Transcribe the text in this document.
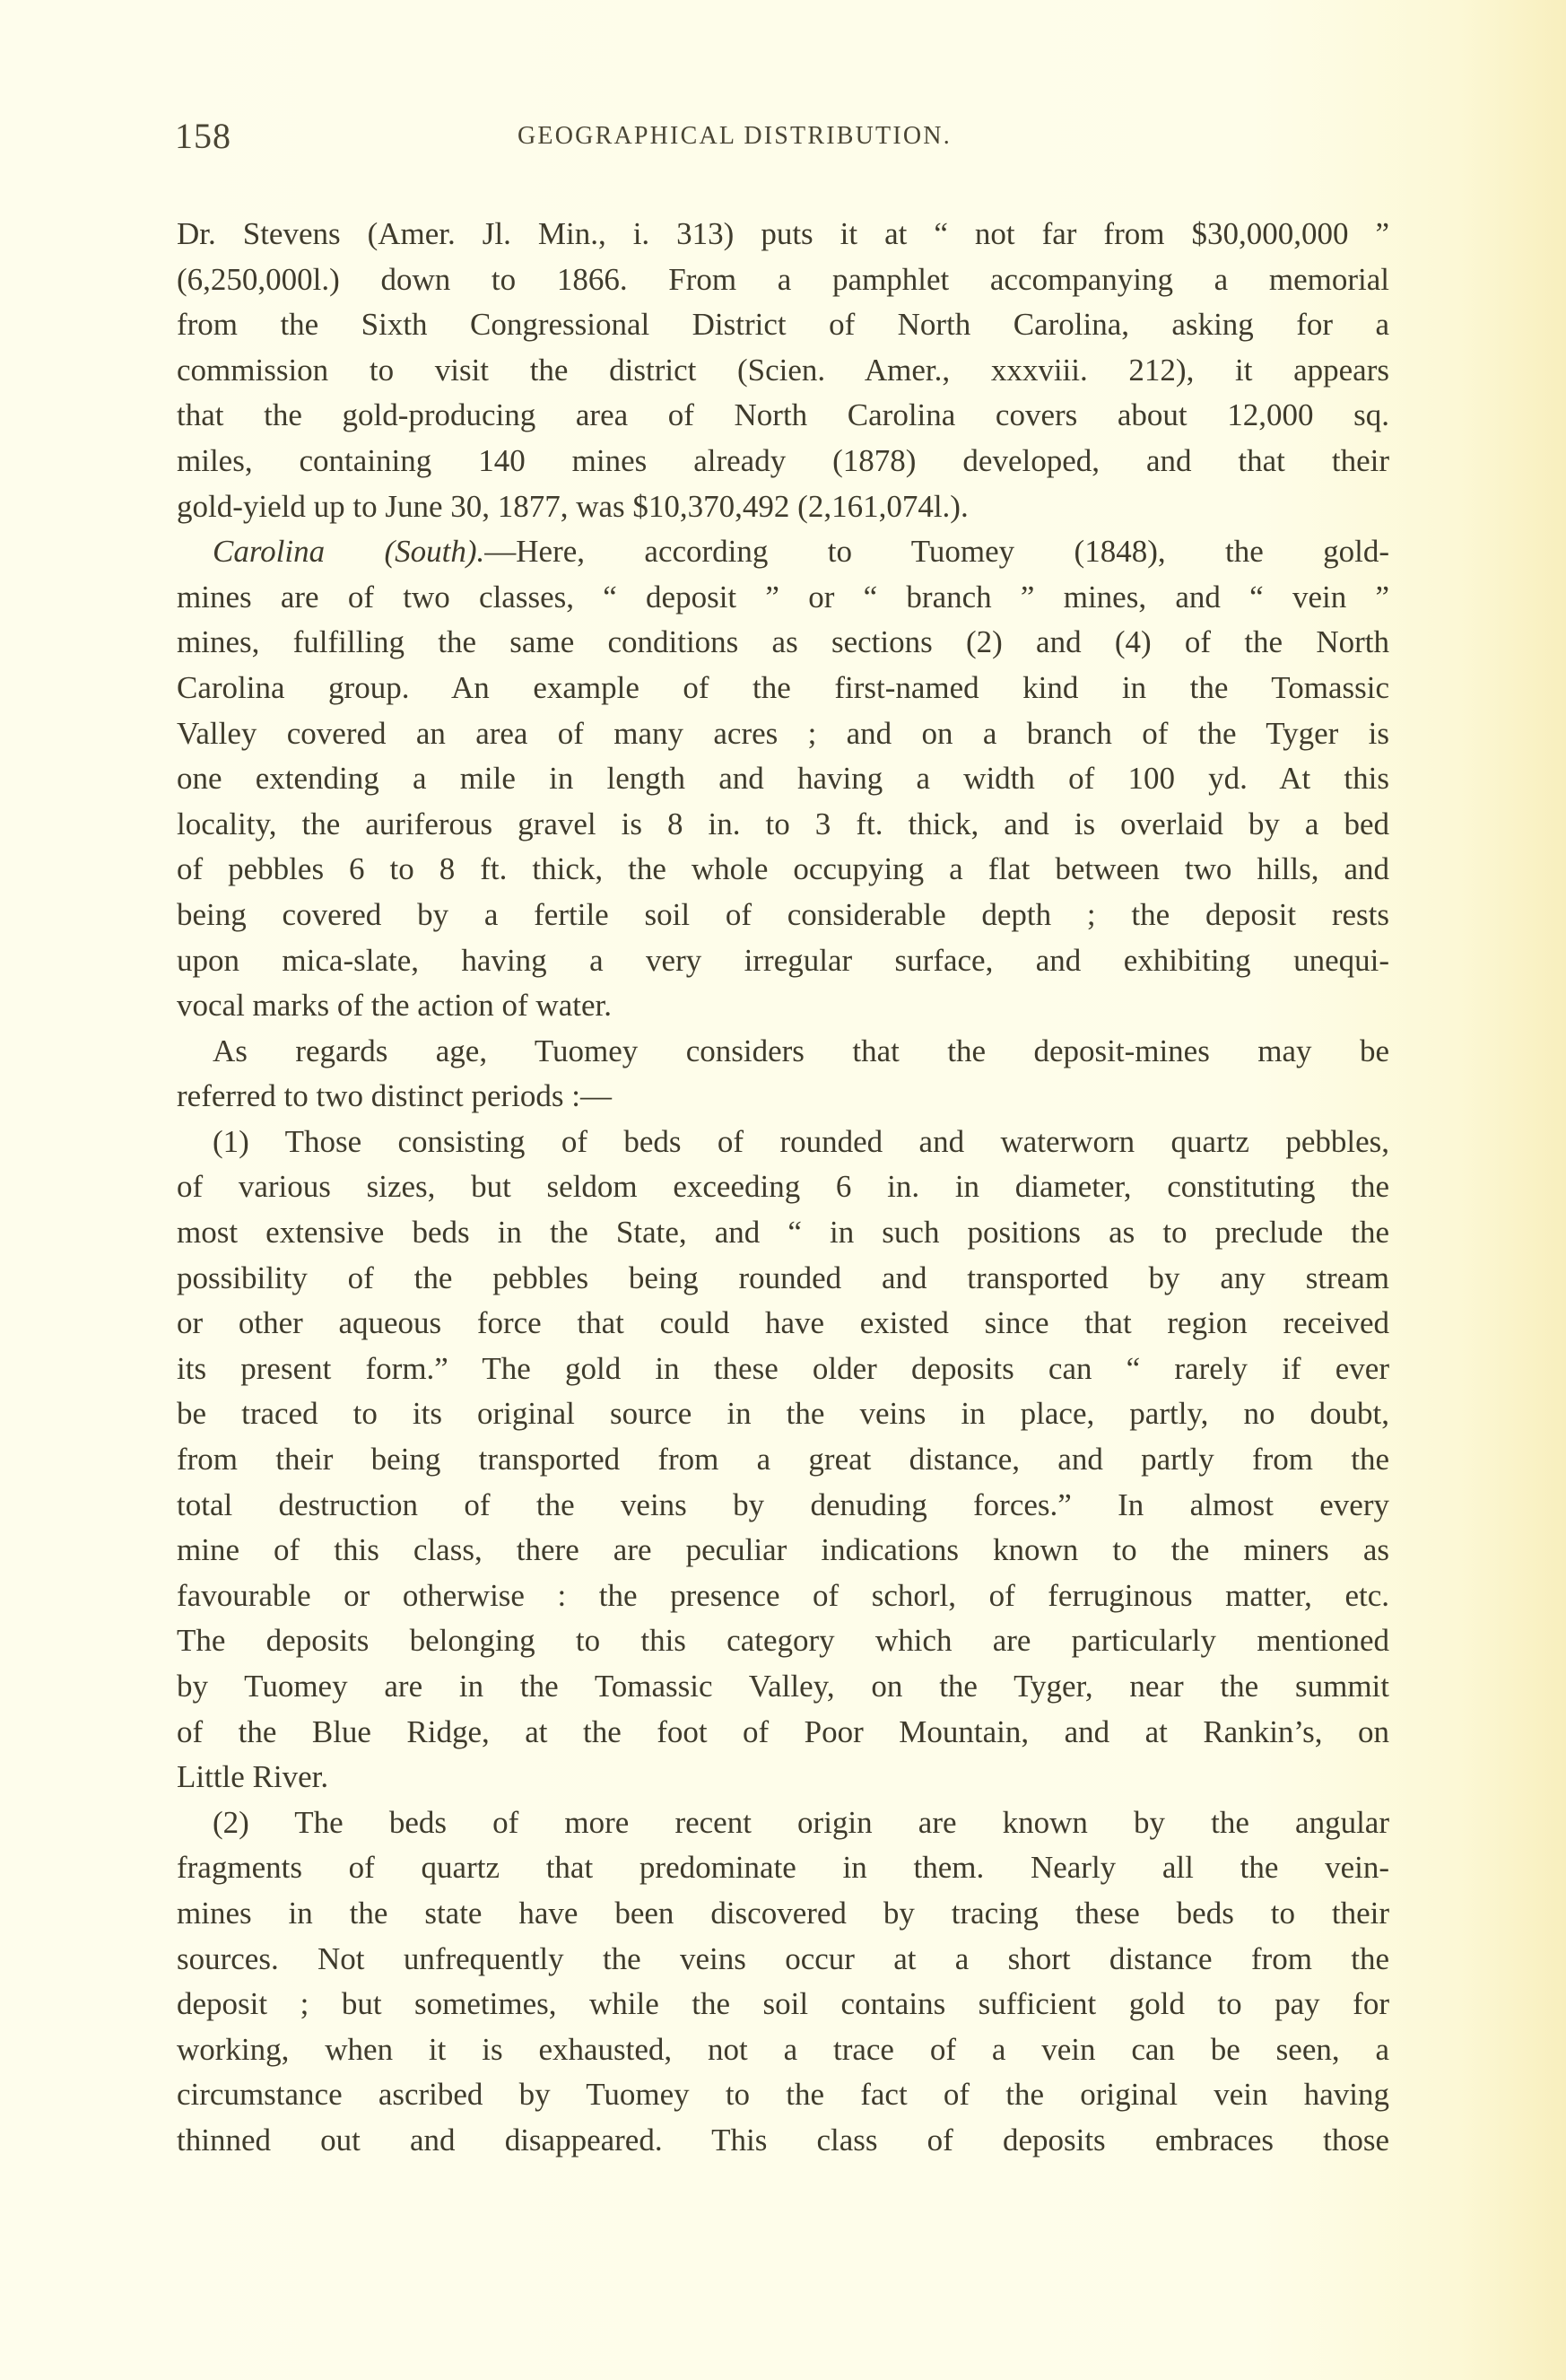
158	GEOGRAPHICAL DISTRIBUTION.
Dr. Stevens (Amer. Jl. Min., i. 313) puts it at “ not far from $30,000,000 ”
(6,250,000l.) down to 1866. From a pamphlet accompanying a memorial
from the Sixth Congressional District of North Carolina, asking for a
commission to visit the district (Scien. Amer., xxxviii. 212), it appears
that the gold-producing area of North Carolina covers about 12,000 sq.
miles, containing 140 mines already (1878) developed, and that their
gold-yield up to June 30, 1877, was $10,370,492 (2,161,074l.).
Carolina (South).—Here, according to Tuomey (1848), the gold-
mines are of two classes, “ deposit ” or “ branch ” mines, and “ vein ”
mines, fulfilling the same conditions as sections (2) and (4) of the North
Carolina group. An example of the first-named kind in the Tomassic
Valley covered an area of many acres ; and on a branch of the Tyger is
one extending a mile in length and having a width of 100 yd. At this
locality, the auriferous gravel is 8 in. to 3 ft. thick, and is overlaid by a bed
of pebbles 6 to 8 ft. thick, the whole occupying a flat between two hills, and
being covered by a fertile soil of considerable depth ; the deposit rests
upon mica-slate, having a very irregular surface, and exhibiting unequi-
vocal marks of the action of water.
As regards age, Tuomey considers that the deposit-mines may be
referred to two distinct periods :—
(1) Those consisting of beds of rounded and waterworn quartz pebbles,
of various sizes, but seldom exceeding 6 in. in diameter, constituting the
most extensive beds in the State, and “ in such positions as to preclude the
possibility of the pebbles being rounded and transported by any stream
or other aqueous force that could have existed since that region received
its present form.” The gold in these older deposits can “ rarely if ever
be traced to its original source in the veins in place, partly, no doubt,
from their being transported from a great distance, and partly from the
total destruction of the veins by denuding forces.” In almost every
mine of this class, there are peculiar indications known to the miners as
favourable or otherwise : the presence of schorl, of ferruginous matter, etc.
The deposits belonging to this category which are particularly mentioned
by Tuomey are in the Tomassic Valley, on the Tyger, near the summit
of the Blue Ridge, at the foot of Poor Mountain, and at Rankin’s, on
Little River.
(2) The beds of more recent origin are known by the angular
fragments of quartz that predominate in them. Nearly all the vein-
mines in the state have been discovered by tracing these beds to their
sources. Not unfrequently the veins occur at a short distance from the
deposit ; but sometimes, while the soil contains sufficient gold to pay for
working, when it is exhausted, not a trace of a vein can be seen, a
circumstance ascribed by Tuomey to the fact of the original vein having
thinned out and disappeared. This class of deposits embraces those
